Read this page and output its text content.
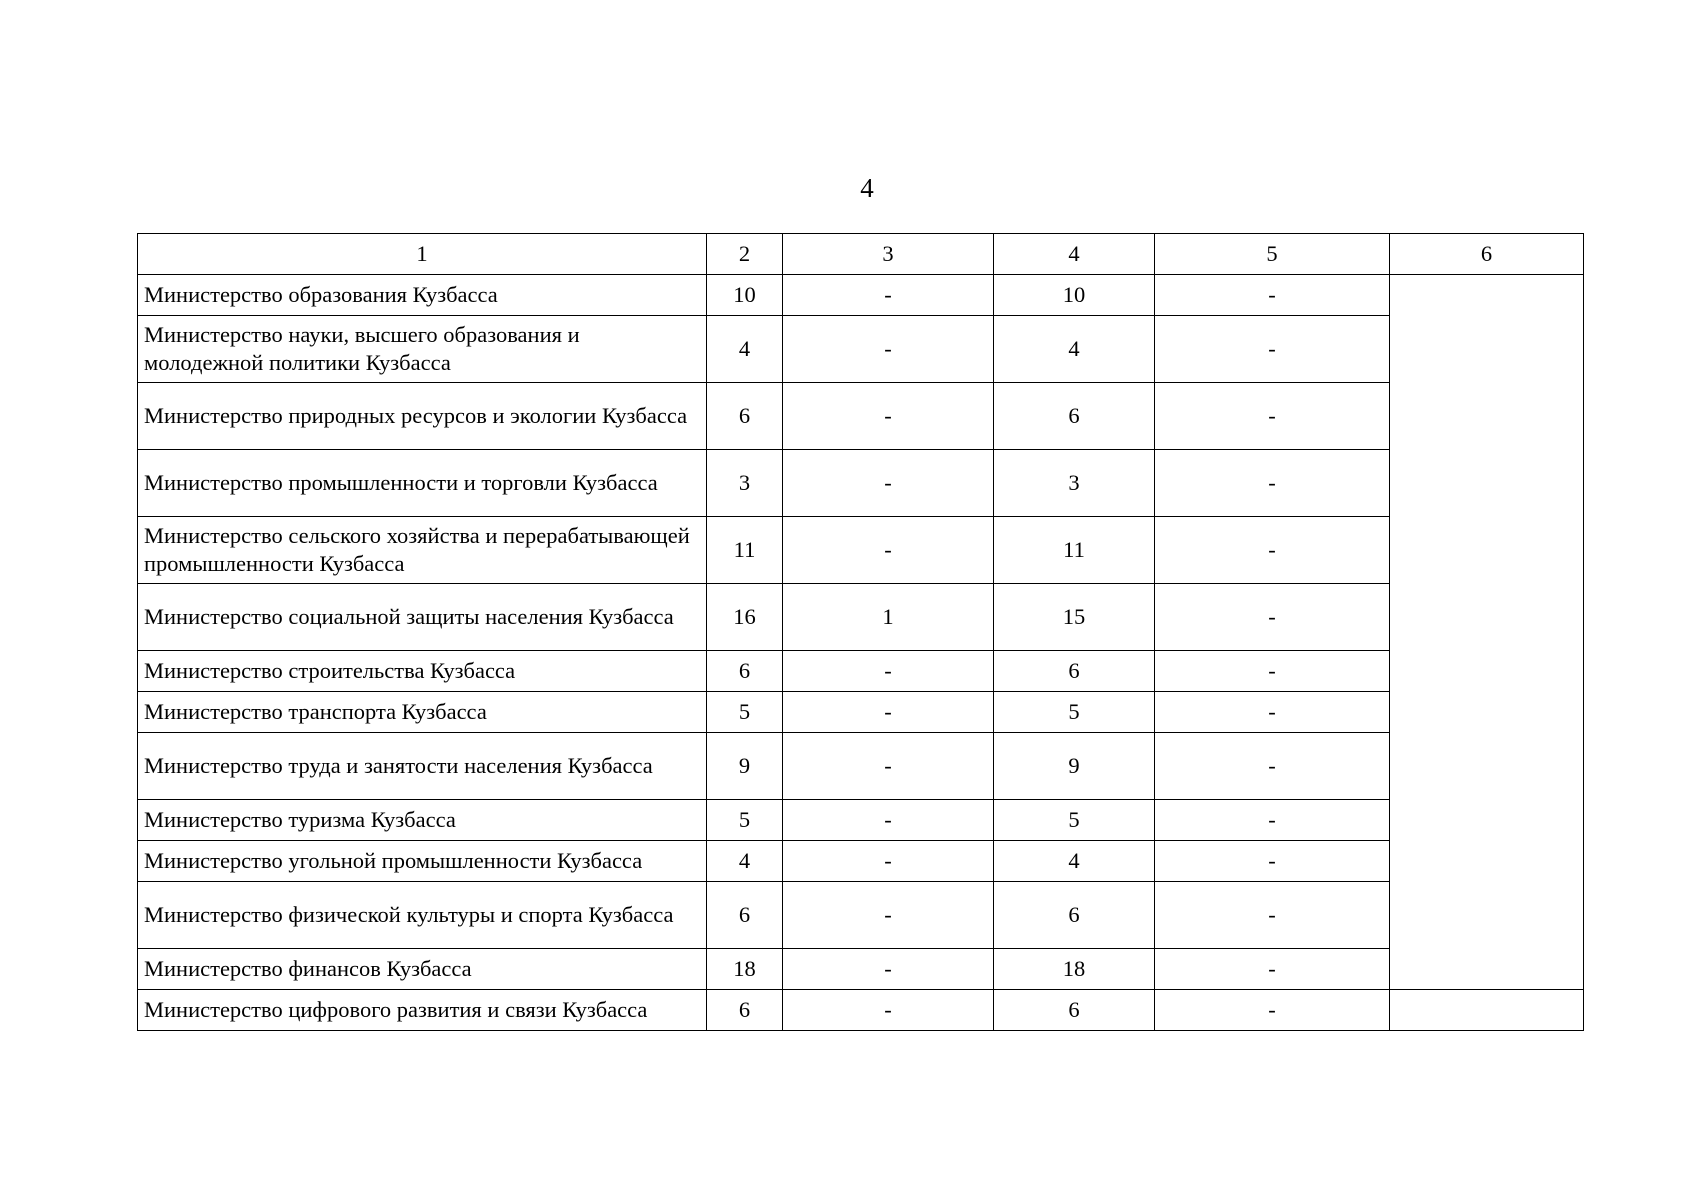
4
1	2	3	4	5	6
Министерство образования Кузбасса	10	-	10	-	
Министерство науки, высшего образования и молодежной политики Кузбасса	4	-	4	-	
Министерство природных ресурсов и экологии Кузбасса	6	-	6	-	
Министерство промышленности и торговли Кузбасса	3	-	3	-	
Министерство сельского хозяйства и перерабатывающей промышленности Кузбасса	11	-	11	-	
Министерство социальной защиты населения Кузбасса	16	1	15	-	
Министерство строительства Кузбасса	6	-	6	-	
Министерство транспорта Кузбасса	5	-	5	-	
Министерство труда и занятости населения Кузбасса	9	-	9	-	
Министерство туризма Кузбасса	5	-	5	-	
Министерство угольной промышленности Кузбасса	4	-	4	-	
Министерство физической культуры и спорта Кузбасса	6	-	6	-	
Министерство финансов Кузбасса	18	-	18	-	
Министерство цифрового развития и связи Кузбасса	6	-	6	-	
